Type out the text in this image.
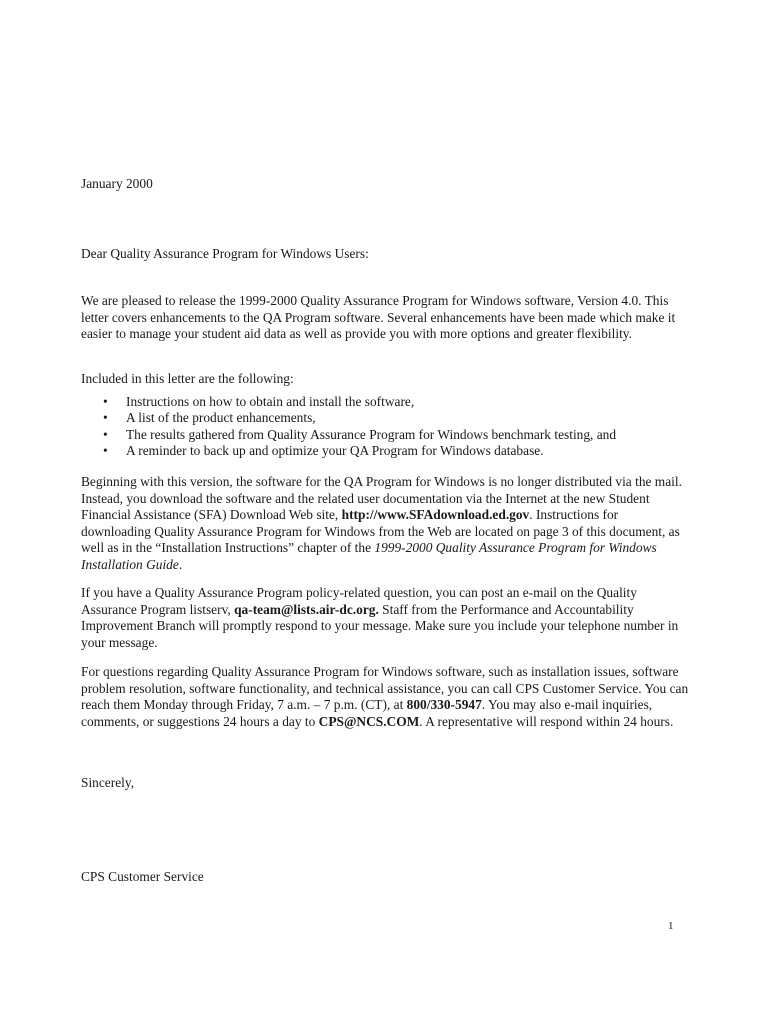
January 2000
Dear Quality Assurance Program for Windows Users:
We are pleased to release the 1999-2000 Quality Assurance Program for Windows software, Version 4.0. This letter covers enhancements to the QA Program software. Several enhancements have been made which make it easier to manage your student aid data as well as provide you with more options and greater flexibility.
Included in this letter are the following:
• Instructions on how to obtain and install the software,
• A list of the product enhancements,
• The results gathered from Quality Assurance Program for Windows benchmark testing, and
• A reminder to back up and optimize your QA Program for Windows database.
Beginning with this version, the software for the QA Program for Windows is no longer distributed via the mail. Instead, you download the software and the related user documentation via the Internet at the new Student Financial Assistance (SFA) Download Web site, http://www.SFAdownload.ed.gov. Instructions for downloading Quality Assurance Program for Windows from the Web are located on page 3 of this document, as well as in the “Installation Instructions” chapter of the 1999-2000 Quality Assurance Program for Windows Installation Guide.
If you have a Quality Assurance Program policy-related question, you can post an e-mail on the Quality Assurance Program listserv, qa-team@lists.air-dc.org. Staff from the Performance and Accountability Improvement Branch will promptly respond to your message. Make sure you include your telephone number in your message.
For questions regarding Quality Assurance Program for Windows software, such as installation issues, software problem resolution, software functionality, and technical assistance, you can call CPS Customer Service. You can reach them Monday through Friday, 7 a.m. – 7 p.m. (CT), at 800/330-5947. You may also e-mail inquiries, comments, or suggestions 24 hours a day to CPS@NCS.COM. A representative will respond within 24 hours.
Sincerely,
CPS Customer Service
1
